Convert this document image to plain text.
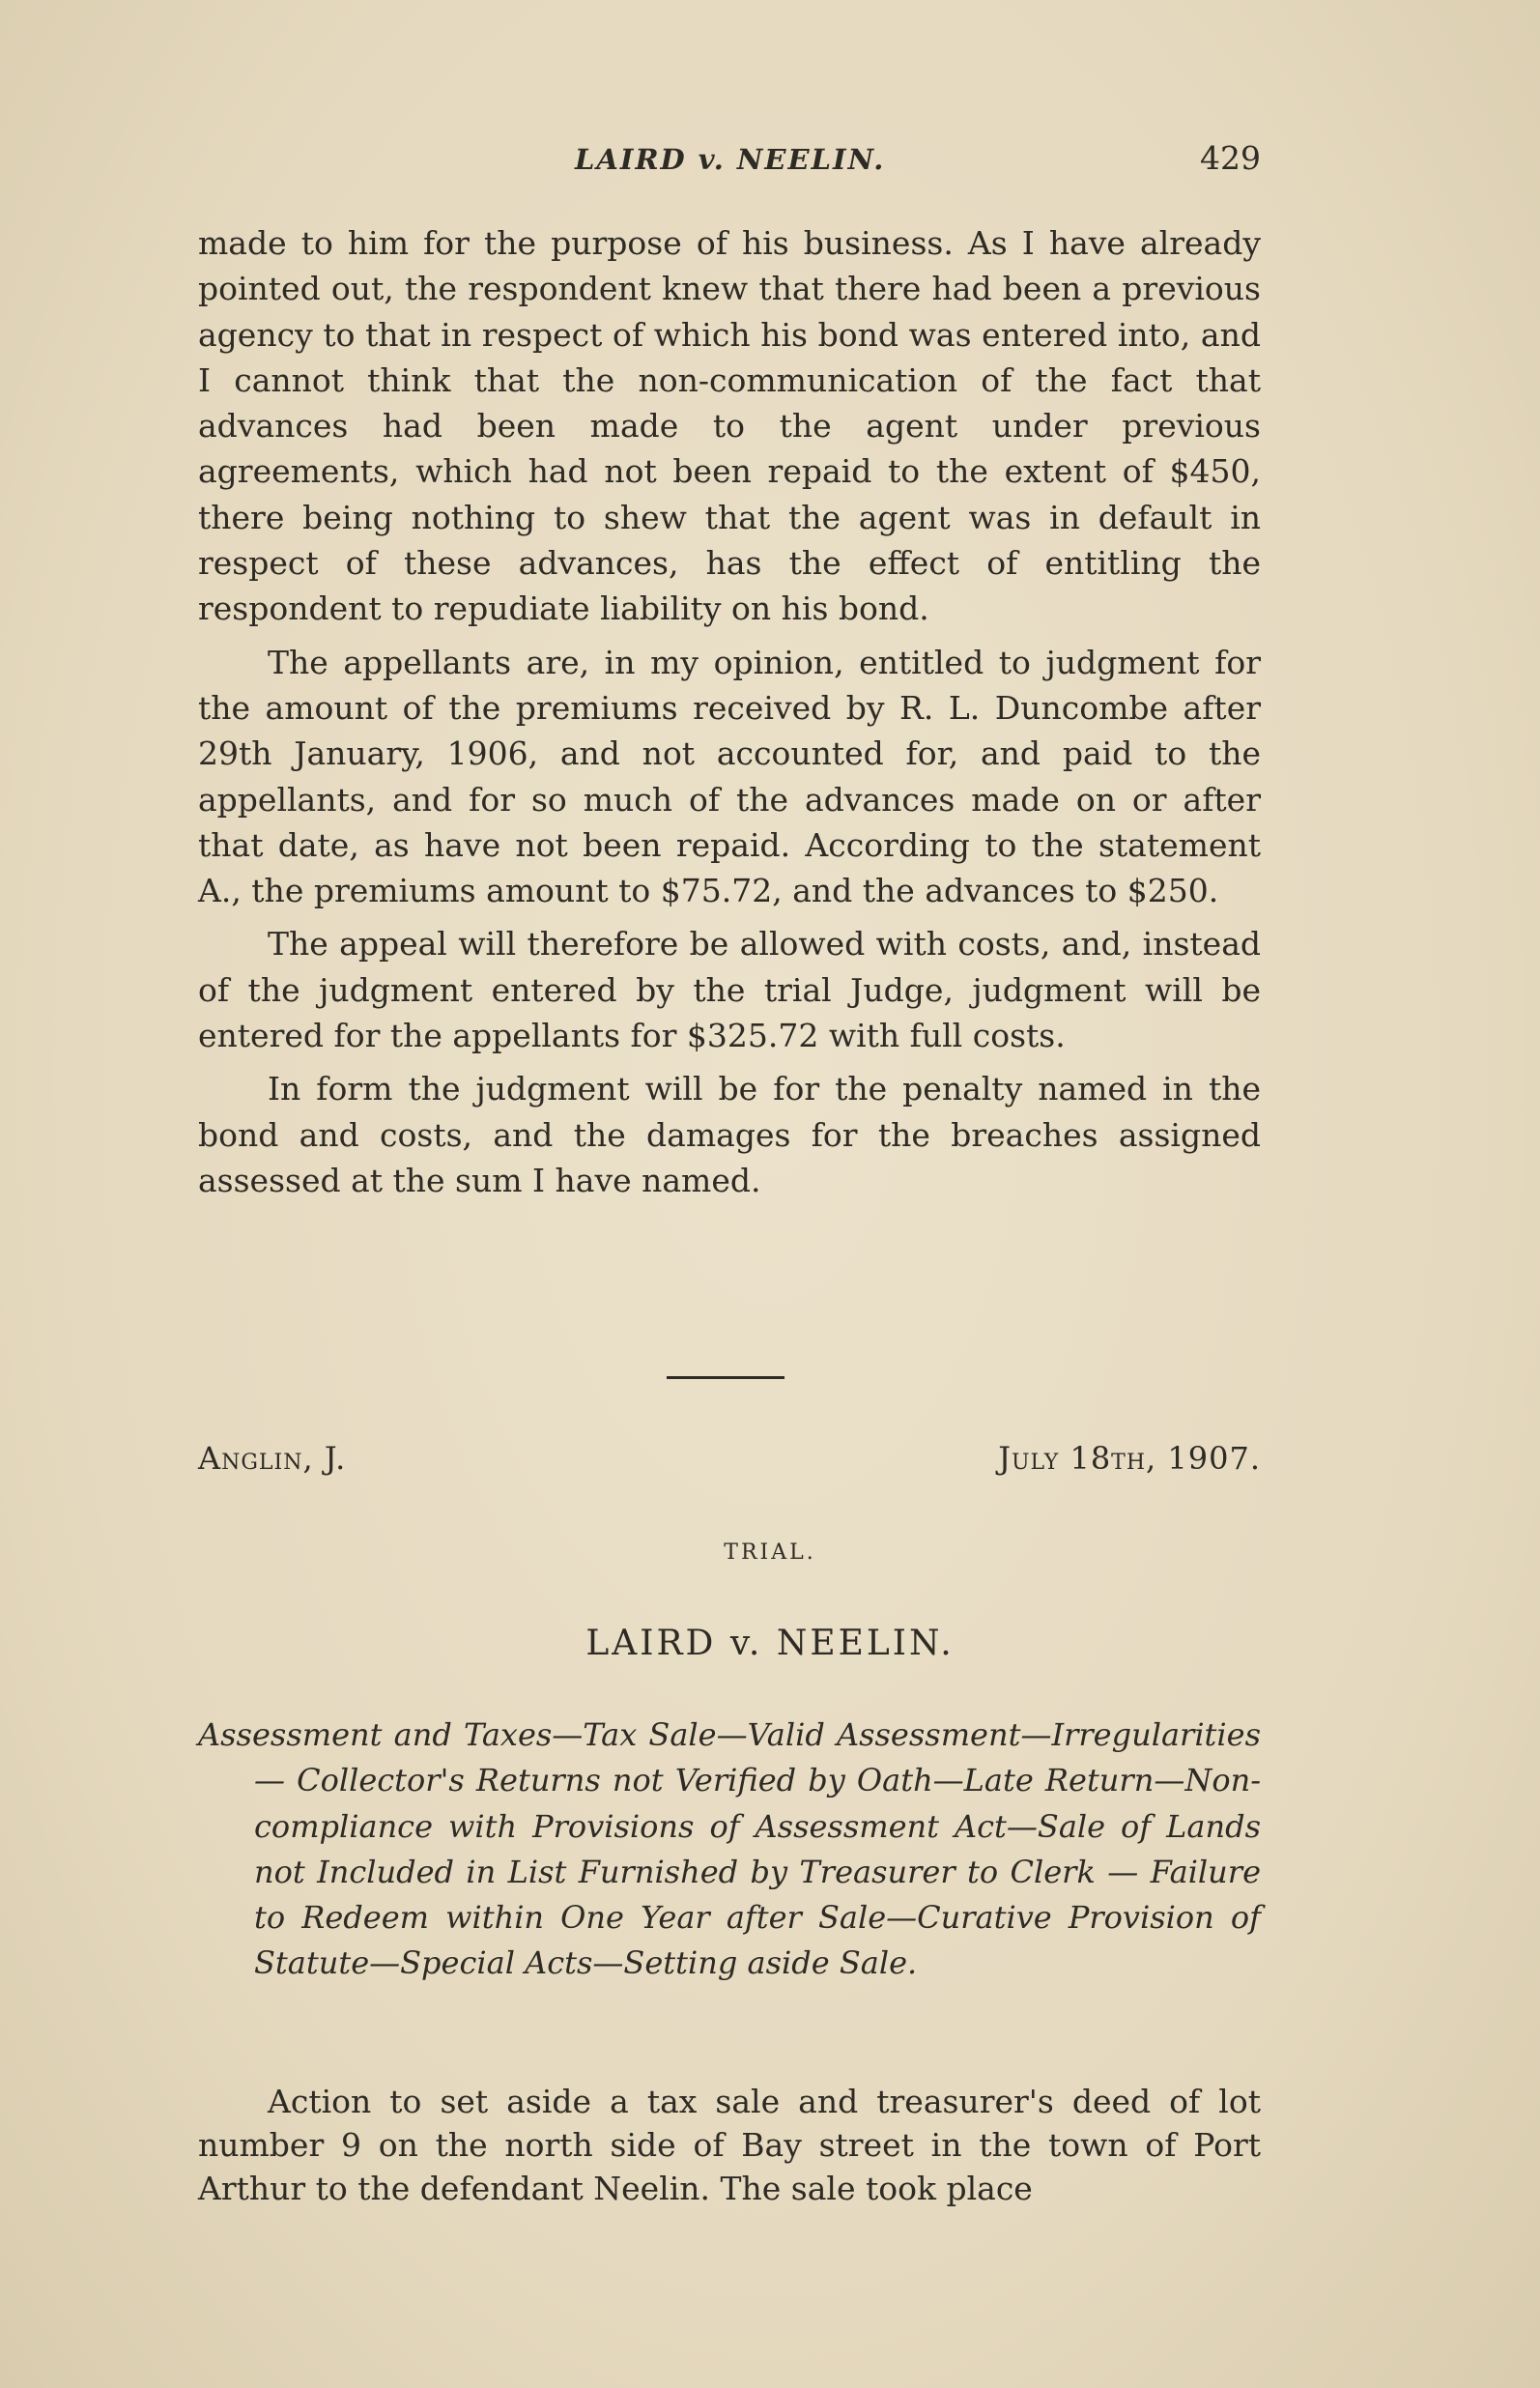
LAIRD v. NEELIN.	429

made to him for the purpose of his business. As I have already pointed out, the respondent knew that there had been a previous agency to that in respect of which his bond was entered into, and I cannot think that the non-communication of the fact that advances had been made to the agent under previous agreements, which had not been repaid to the extent of $450, there being nothing to shew that the agent was in default in respect of these advances, has the effect of entitling the respondent to repudiate liability on his bond.

The appellants are, in my opinion, entitled to judgment for the amount of the premiums received by R. L. Duncombe after 29th January, 1906, and not accounted for, and paid to the appellants, and for so much of the advances made on or after that date, as have not been repaid. According to the statement A., the premiums amount to $75.72, and the advances to $250.

The appeal will therefore be allowed with costs, and, instead of the judgment entered by the trial Judge, judgment will be entered for the appellants for $325.72 with full costs.

In form the judgment will be for the penalty named in the bond and costs, and the damages for the breaches assigned assessed at the sum I have named.

Anglin, J.	July 18th, 1907.
TRIAL.
LAIRD v. NEELIN.
Assessment and Taxes—Tax Sale—Valid Assessment—Irregularities — Collector's Returns not Verified by Oath—Late Return—Non-compliance with Provisions of Assessment Act—Sale of Lands not Included in List Furnished by Treasurer to Clerk — Failure to Redeem within One Year after Sale—Curative Provision of Statute—Special Acts—Setting aside Sale.
Action to set aside a tax sale and treasurer's deed of lot number 9 on the north side of Bay street in the town of Port Arthur to the defendant Neelin. The sale took place
